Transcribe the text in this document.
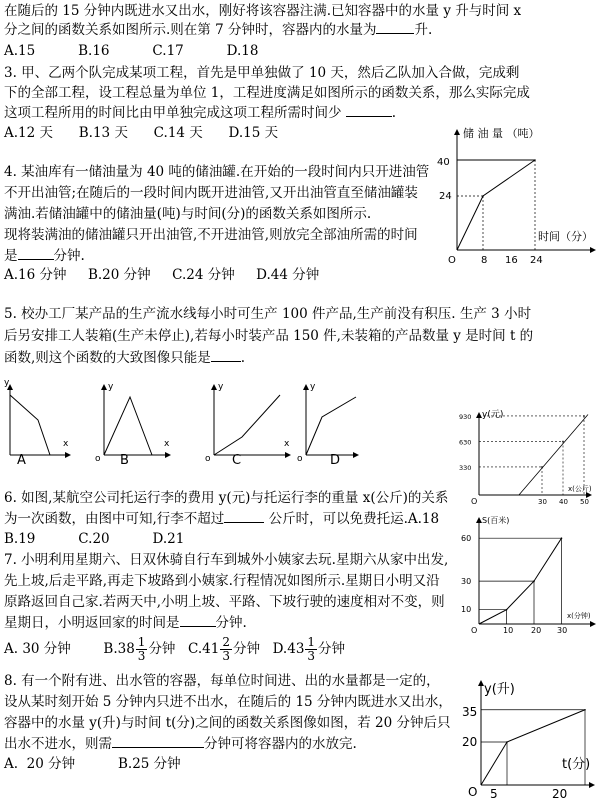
在随后的 15 分钟内既进水又出水，刚好将该容器注满.已知容器中的水量 y 升与时间 x
分之间的函数关系如图所示.则在第 7 分钟时，容器内的水量为	升.
A.15          B.16          C.17          D.18
3. 甲、乙两个队完成某项工程，首先是甲单独做了 10 天，然后乙队加入合做，完成剩
下的全部工程，设工程总量为单位 1，工程进度满足如图所示的函数关系，那么实际完成
这项工程所用的时间比由甲单独完成这项工程所需时间少	.
A.12 天      B.13 天      C.14 天      D.15 天
4. 某油库有一储油量为 40 吨的储油罐.在开始的一段时间内只开进油管
不开出油管;在随后的一段时间内既开进油管,又开出油管直至储油罐装
满油.若储油罐中的储油量(吨)与时间(分)的函数关系如图所示.
现将装满油的储油罐只开出油管,不开进油管,则放完全部油所需的时间
是	分钟.
A.16 分钟     B.20 分钟     C.24 分钟     D.44 分钟
5. 校办工厂某产品的生产流水线每小时可生产 100 件产品,生产前没有积压. 生产 3 小时
后另安排工人装箱(生产未停止),若每小时装产品 150 件,未装箱的产品数量 y 是时间 t 的
函数,则这个函数的大致图像只能是 .
6. 如图,某航空公司托运行李的费用 y(元)与托运行李的重量 x(公斤)的关系
为一次函数，由图中可知,行李不超过	公斤时，可以免费托运.A.18
B.19          C.20          D.21
7. 小明利用星期六、日双休骑自行车到城外小姨家去玩.星期六从家中出发,
先上坡,后走平路,再走下坡路到小姨家.行程情况如图所示.星期日小明又沿
原路返回自己家.若两天中,小明上坡、平路、下坡行驶的速度相对不变，则
星期日，小明返回家的时间是	分钟.
A. 30 分钟 $B.38 \frac{1}{3}$ 分钟 $C.41 \frac{2}{3}$ 分钟 $D.43 \frac{1}{3}$ 分钟
8. 有一个附有进、出水管的容器，每单位时间进、出的水量都是一定的，
设从某时刻开始 5 分钟内只进不出水，在随后的 15 分钟内既进水又出水，
容器中的水量 y(升)与时间 t(分)之间的函数关系图像如图，若 20 分钟后只
出水不进水，则需	分钟可将容器内的水放完.
A.  20 分钟          B.25 分钟
储 油 量 （吨）
时间（分）
O
40
24
8 16 24
y
x
A
y
x
o B
y
x
o C
y
o D
y(元)
x(公斤)
O
930
630
330
30 40 50
S(百米)
x(分钟)
O
60
30
10
10 20 30
y(升)
t(分)
O
35
20
5	20
